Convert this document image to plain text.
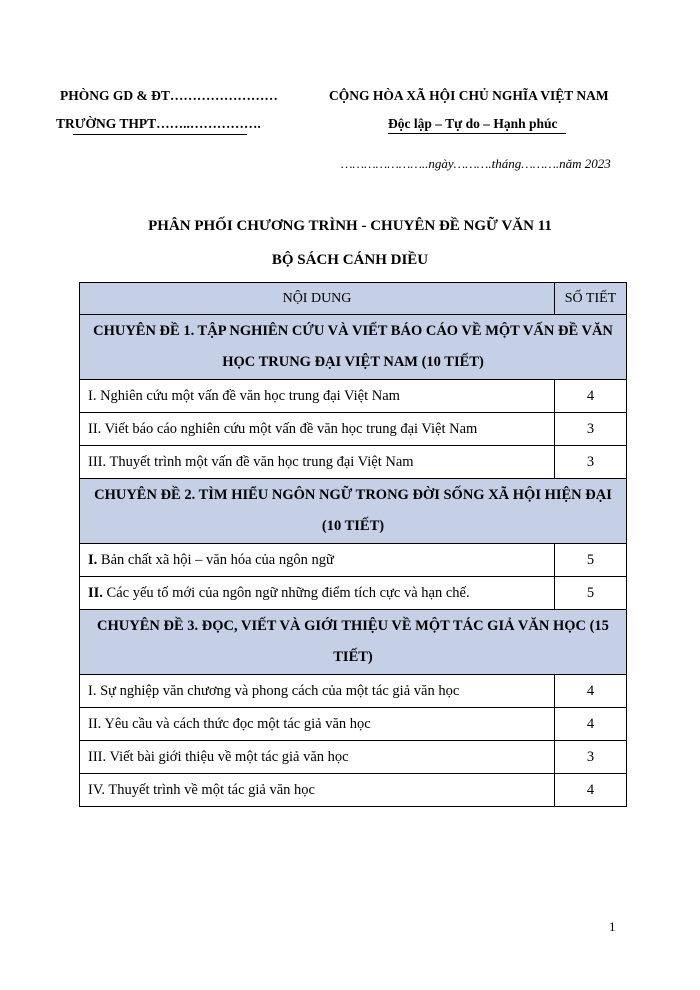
PHÒNG GD & ĐT……………………
TRƯỜNG THPT……..…………….
CỘNG HÒA XÃ HỘI CHỦ NGHĨA VIỆT NAM
Độc lập – Tự do – Hạnh phúc
…………………..ngày……….tháng……….năm 2023
PHÂN PHỐI CHƯƠNG TRÌNH - CHUYÊN ĐỀ NGỮ VĂN 11
BỘ SÁCH CÁNH DIỀU
NỘI DUNG	SỐ TIẾT
CHUYÊN ĐỀ 1. TẬP NGHIÊN CỨU VÀ VIẾT BÁO CÁO VỀ MỘT VẤN ĐỀ VĂN HỌC TRUNG ĐẠI VIỆT NAM (10 TIẾT)	
I. Nghiên cứu một vấn đề văn học trung đại Việt Nam	4
II. Viết báo cáo nghiên cứu một vấn đề văn học trung đại Việt Nam	3
III. Thuyết trình một vấn đề văn học trung đại Việt Nam	3
CHUYÊN ĐỀ 2. TÌM HIỂU NGÔN NGỮ TRONG ĐỜI SỐNG XÃ HỘI HIỆN ĐẠI (10 TIẾT)	
I. Bản chất xã hội – văn hóa của ngôn ngữ	5
II. Các yếu tố mới của ngôn ngữ những điểm tích cực và hạn chế.	5
CHUYÊN ĐỀ 3. ĐỌC, VIẾT VÀ GIỚI THIỆU VỀ MỘT TÁC GIẢ VĂN HỌC (15 TIẾT)	
I. Sự nghiệp văn chương và phong cách của một tác giả văn học	4
II. Yêu cầu và cách thức đọc một tác giả văn học	4
III. Viết bài giới thiệu về một tác giả văn học	3
IV. Thuyết trình về một tác giả văn học	4
1
